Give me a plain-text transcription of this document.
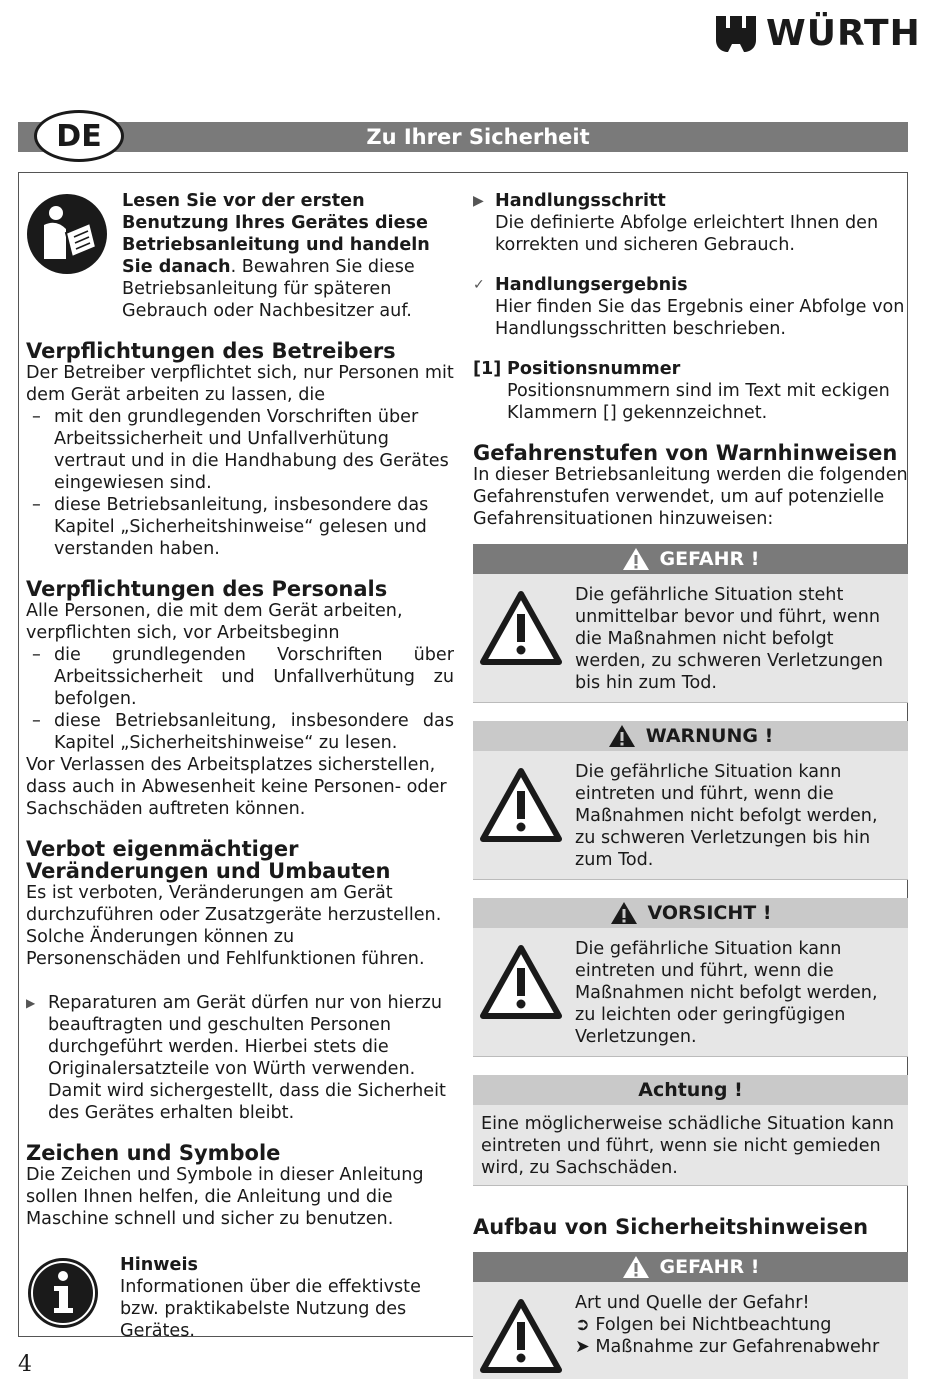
WÜRTH
Zu Ihrer Sicherheit
DE

Lesen Sie vor der ersten Benutzung Ihres Gerätes diese Betriebsanleitung und handeln Sie danach. Bewahren Sie diese Betriebsanleitung für späteren Gebrauch oder Nachbesitzer auf.

Verpflichtungen des Betreibers

Der Betreiber verpflichtet sich, nur Personen mit dem Gerät arbeiten zu lassen, die

– mit den grundlegenden Vorschriften über Arbeitssicherheit und Unfallverhütung vertraut und in die Handhabung des Gerätes eingewiesen sind.
– diese Betriebsanleitung, insbesondere das Kapitel „Sicherheitshinweise“ gelesen und verstanden haben.
Verpflichtungen des Personals

Alle Personen, die mit dem Gerät arbeiten, verpflichten sich, vor Arbeitsbeginn

– die grundlegenden Vorschriften über Arbeitssicherheit und Unfallverhütung zu befolgen.
– diese Betriebsanleitung, insbesondere das Kapitel „Sicherheitshinweise“ zu lesen.

Vor Verlassen des Arbeitsplatzes sicherstellen, dass auch in Abwesenheit keine Personen- oder Sachschäden auftreten können.

Verbot eigenmächtiger Veränderungen und Umbauten

Es ist verboten, Veränderungen am Gerät durchzuführen oder Zusatzgeräte herzustellen. Solche Änderungen können zu Personenschäden und Fehlfunktionen führen.

▶ Reparaturen am Gerät dürfen nur von hierzu beauftragten und geschulten Personen durchgeführt werden. Hierbei stets die Originalersatzteile von Würth verwenden. Damit wird sichergestellt, dass die Sicherheit des Gerätes erhalten bleibt.

Zeichen und Symbole

Die Zeichen und Symbole in dieser Anleitung sollen Ihnen helfen, die Anleitung und die Maschine schnell und sicher zu benutzen.

Hinweis

Informationen über die effektivste bzw. praktikabelste Nutzung des Gerätes.

▶ Handlungsschritt

Die definierte Abfolge erleichtert Ihnen den korrekten und sicheren Gebrauch.

✓ Handlungsergebnis

Hier finden Sie das Ergebnis einer Abfolge von Handlungsschritten beschrieben.

[1] Positionsnummer

Positionsnummern sind im Text mit eckigen Klammern [] gekennzeichnet.

Gefahrenstufen von Warnhinweisen

In dieser Betriebsanleitung werden die folgenden Gefahrenstufen verwendet, um auf potenzielle Gefahrensituationen hinzuweisen:

GEFAHR !

Die gefährliche Situation steht unmittelbar bevor und führt, wenn die Maßnahmen nicht befolgt werden, zu schweren Verletzungen bis hin zum Tod.

WARNUNG !

Die gefährliche Situation kann eintreten und führt, wenn die Maßnahmen nicht befolgt werden, zu schweren Verletzungen bis hin zum Tod.

VORSICHT !

Die gefährliche Situation kann eintreten und führt, wenn die Maßnahmen nicht befolgt werden, zu leichten oder geringfügigen Verletzungen.

Achtung !

Eine möglicherweise schädliche Situation kann eintreten und führt, wenn sie nicht gemieden wird, zu Sachschäden.

Aufbau von Sicherheitshinweisen
GEFAHR !

Art und Quelle der Gefahr!

➲ Folgen bei Nichtbeachtung

➤ Maßnahme zur Gefahrenabwehr

4
